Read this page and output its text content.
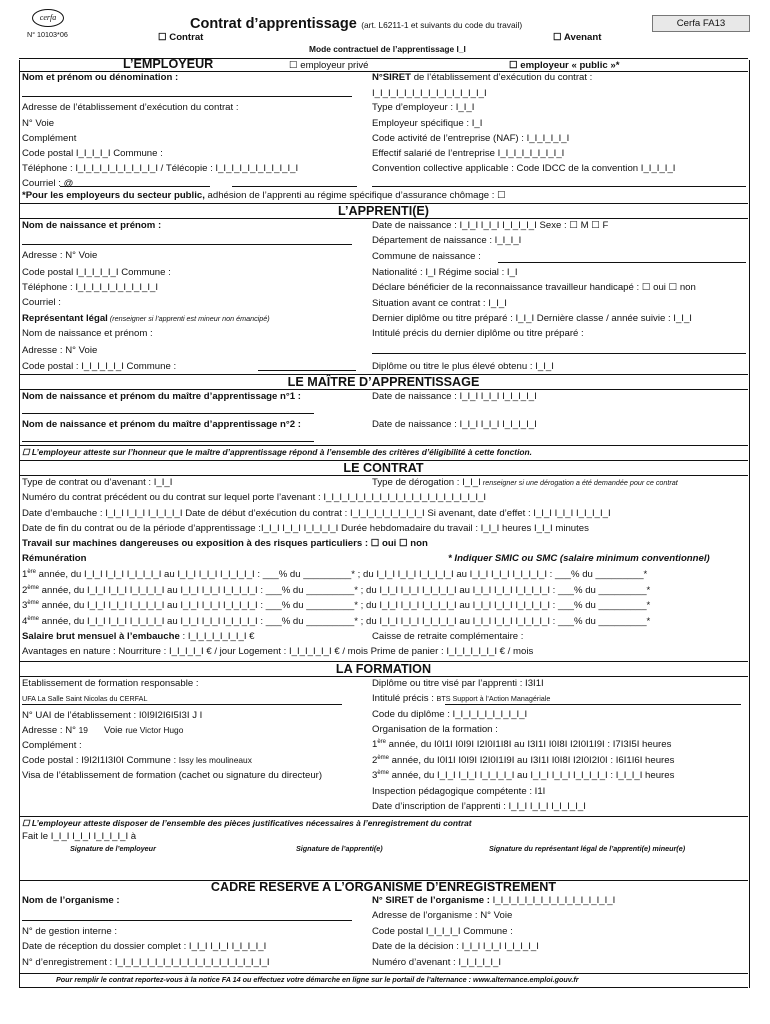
cerfa
N° 10103*06
Contrat d’apprentissage (art. L6211-1 et suivants du code du travail)	Cerfa FA13
☐ Contrat	☐ Avenant
Mode contractuel de l’apprentissage I_I
L’EMPLOYEUR	☐ employeur privé	☐ employeur « public »*
Nom et prénom ou dénomination :
Adresse de l’établissement d’exécution du contrat :
N° Voie
Complément
Code postal I_I_I_I_I Commune :
Téléphone : I_I_I_I_I_I_I_I_I_I_I / Télécopie : I_I_I_I_I_I_I_I_I_I_I
Courriel : @
N°SIRET de l’établissement d’exécution du contrat :
I_I_I_I_I_I_I_I_I_I_I_I_I_I_I
Type d’employeur : I_I_I
Employeur spécifique : I_I
Code activité de l’entreprise (NAF) : I_I_I_I_I_I
Effectif salarié de l’entreprise I_I_I_I_I_I_I_I_I
Convention collective applicable : Code IDCC de la convention I_I_I_I_I
*Pour les employeurs du secteur public, adhésion de l’apprenti au régime spécifique d’assurance chômage : ☐
L’APPRENTI(E)
Nom de naissance et prénom :
Adresse : N° Voie
Code postal I_I_I_I_I_I Commune :
Téléphone : I_I_I_I_I_I_I_I_I_I_I
Courriel :
Représentant légal (renseigner si l’apprenti est mineur non émancipé)
Nom de naissance et prénom :
Adresse : N° Voie
Code postal : I_I_I_I_I_I Commune :
Date de naissance : I_I_I I_I_I I_I_I_I_I Sexe : ☐ M ☐ F
Département de naissance : I_I_I_I
Commune de naissance :
Nationalité : I_I Régime social : I_I
Déclare bénéficier de la reconnaissance travailleur handicapé : ☐ oui ☐ non
Situation avant ce contrat : I_I_I
Dernier diplôme ou titre préparé : I_I_I Dernière classe / année suivie : I_I_I
Intitulé précis du dernier diplôme ou titre préparé :
Diplôme ou titre le plus élevé obtenu : I_I_I
LE MAÎTRE D’APPRENTISSAGE
Nom de naissance et prénom du maître d’apprentissage n°1 :	Date de naissance : I_I_I I_I_I I_I_I_I_I
Nom de naissance et prénom du maître d’apprentissage n°2 :	Date de naissance : I_I_I I_I_I I_I_I_I_I
☐ L’employeur atteste sur l’honneur que le maître d’apprentissage répond à l’ensemble des critères d’éligibilité à cette fonction.
LE CONTRAT
Type de contrat ou d’avenant : I_I_I	Type de dérogation : I_I_I renseigner si une dérogation a été demandée pour ce contrat
Numéro du contrat précédent ou du contrat sur lequel porte l’avenant : I_I_I_I_I_I_I_I_I_I_I_I_I_I_I_I_I_I_I_I_I
Date d’embauche : I_I_I I_I_I I_I_I_I_I Date de début d’exécution du contrat : I_I_I_I_I_I_I_I_I_I Si avenant, date d’effet : I_I_I I_I_I I_I_I_I_I
Date de fin du contrat ou de la période d’apprentissage :I_I_I I_I_I I_I_I_I_I Durée hebdomadaire du travail : I_I_I heures I_I_I minutes
Travail sur machines dangereuses ou exposition à des risques particuliers : ☐ oui ☐ non
Rémunération	* Indiquer SMIC ou SMC (salaire minimum conventionnel)
1ère année, du I_I_I I_I_I I_I_I_I_I au I_I_I I_I_I I_I_I_I_I : ___% du _________* ; du I_I_I I_I_I I_I_I_I_I au I_I_I I_I_I I_I_I_I_I : ___% du _________*
2ème année, du I_I_I I_I_I I_I_I_I_I au I_I_I I_I_I I_I_I_I_I : ___% du _________* ; du I_I_I I_I_I I_I_I_I_I au I_I_I I_I_I I_I_I_I_I : ___% du _________*
3ème année, du I_I_I I_I_I I_I_I_I_I au I_I_I I_I_I I_I_I_I_I : ___% du _________* ; du I_I_I I_I_I I_I_I_I_I au I_I_I I_I_I I_I_I_I_I : ___% du _________*
4ème année, du I_I_I I_I_I I_I_I_I_I au I_I_I I_I_I I_I_I_I_I : ___% du _________* ; du I_I_I I_I_I I_I_I_I_I au I_I_I I_I_I I_I_I_I_I : ___% du _________*
Salaire brut mensuel à l’embauche : I_I_I_I_I_I_I_I €	Caisse de retraite complémentaire :
Avantages en nature : Nourriture : I_I_I_I_I € / jour Logement : I_I_I_I_I_I € / mois Prime de panier : I_I_I_I_I_I_I € / mois
LA FORMATION
Etablissement de formation responsable :
UFA La Salle Saint Nicolas du CERFAL
N° UAI de l’établissement : I0I9I2I6I5I3I J I
Adresse : N° 19 Voie rue Victor Hugo
Complément :
Code postal : I9I2I1I3I0I Commune : Issy les moulineaux
Visa de l’établissement de formation (cachet ou signature du directeur)
Diplôme ou titre visé par l’apprenti : I3I1I
Intitulé précis : BTS Support à l’Action Managériale
Code du diplôme : I_I_I_I_I_I_I_I_I_I
Organisation de la formation :
1ère année, du I0I1I I0I9I I2I0I1I8I au I3I1I I0I8I I2I0I1I9I : I7I3I5I heures
2ème année, du I0I1I I0I9I I2I0I1I9I au I3I1I I0I8I I2I0I2I0I : I6I1I6I heures
3ème année, du I_I_I I_I_I I_I_I_I_I au I_I_I I_I_I I_I_I_I_I : I_I_I_I heures
Inspection pédagogique compétente : I1I
Date d’inscription de l’apprenti : I_I_I I_I_I I_I_I_I_I
☐ L’employeur atteste disposer de l’ensemble des pièces justificatives nécessaires à l’enregistrement du contrat
Fait le I_I_I I_I_I I_I_I_I_I à
Signature de l’employeur	Signature de l’apprenti(e)	Signature du représentant légal de l’apprenti(e) mineur(e)
CADRE RESERVE A L’ORGANISME D’ENREGISTREMENT
Nom de l’organisme :
N° de gestion interne :
Date de réception du dossier complet : I_I_I I_I_I I_I_I_I_I
N° d’enregistrement : I_I_I_I_I_I_I_I_I_I_I_I_I_I_I_I_I_I_I_I
N° SIRET de l’organisme : I_I_I_I_I_I_I_I_I_I_I_I_I_I_I_I
Adresse de l’organisme : N° Voie
Code postal I_I_I_I_I Commune :
Date de la décision : I_I_I I_I_I I_I_I_I_I
Numéro d’avenant : I_I_I_I_I_I
Pour remplir le contrat reportez-vous à la notice FA 14 ou effectuez votre démarche en ligne sur le portail de l’alternance : www.alternance.emploi.gouv.fr
